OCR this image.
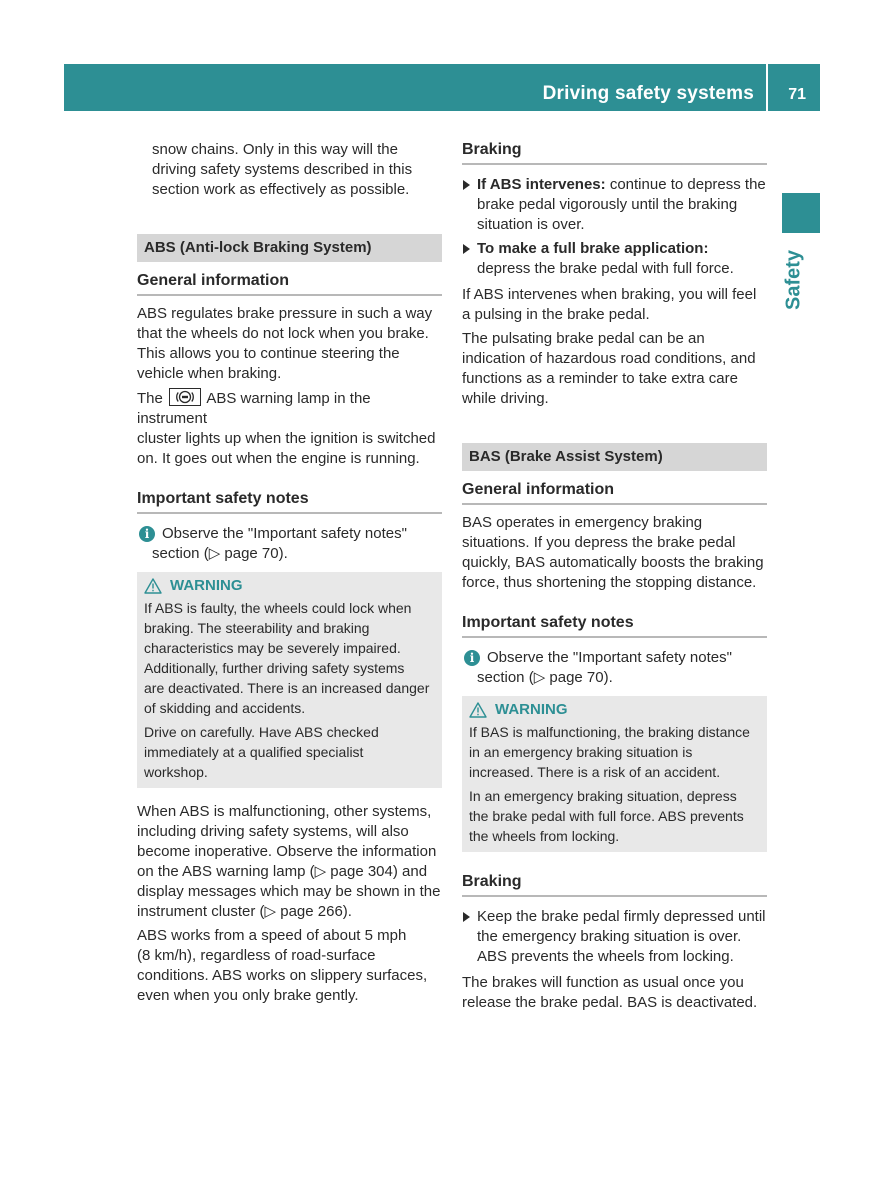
Driving safety systems 71
Safety

snow chains. Only in this way will the
driving safety systems described in this
section work as effectively as possible.

ABS (Anti-lock Braking System)
General information

ABS regulates brake pressure in such a way
that the wheels do not lock when you brake.
This allows you to continue steering the
vehicle when braking.

The	ABS warning lamp in the instrument
cluster lights up when the ignition is switched
on. It goes out when the engine is running.

Important safety notes
i Observe the "Important safety notes"
section (▷ page 70).
WARNING

If ABS is faulty, the wheels could lock when
braking. The steerability and braking
characteristics may be severely impaired.
Additionally, further driving safety systems
are deactivated. There is an increased danger
of skidding and accidents.

Drive on carefully. Have ABS checked
immediately at a qualified specialist
workshop.

When ABS is malfunctioning, other systems,
including driving safety systems, will also
become inoperative. Observe the information
on the ABS warning lamp (▷ page 304) and
display messages which may be shown in the
instrument cluster (▷ page 266).

ABS works from a speed of about 5 mph
(8 km/h), regardless of road-surface
conditions. ABS works on slippery surfaces,
even when you only brake gently.

Braking
If ABS intervenes: continue to depress the
brake pedal vigorously until the braking
situation is over.
To make a full brake application:
depress the brake pedal with full force.

If ABS intervenes when braking, you will feel
a pulsing in the brake pedal.

The pulsating brake pedal can be an
indication of hazardous road conditions, and
functions as a reminder to take extra care
while driving.

BAS (Brake Assist System)
General information

BAS operates in emergency braking
situations. If you depress the brake pedal
quickly, BAS automatically boosts the braking
force, thus shortening the stopping distance.

Important safety notes
i Observe the "Important safety notes"
section (▷ page 70).
WARNING

If BAS is malfunctioning, the braking distance
in an emergency braking situation is
increased. There is a risk of an accident.

In an emergency braking situation, depress
the brake pedal with full force. ABS prevents
the wheels from locking.

Braking
Keep the brake pedal firmly depressed until
the emergency braking situation is over.
ABS prevents the wheels from locking.

The brakes will function as usual once you
release the brake pedal. BAS is deactivated.
